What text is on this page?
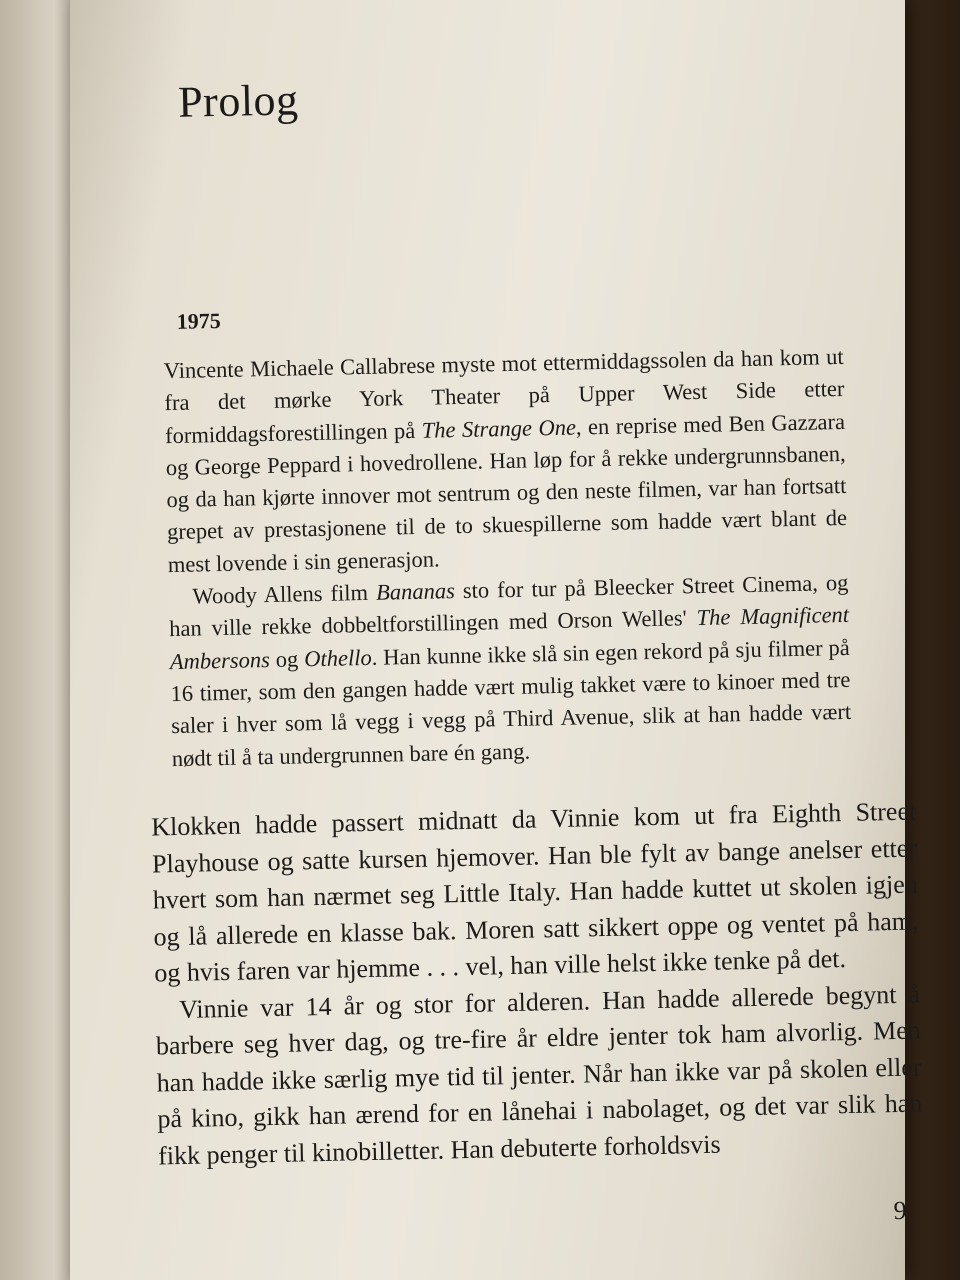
Prolog
1975

Vincente Michaele Callabrese myste mot ettermiddagssolen da han kom ut fra det mørke York Theater på Upper West Side etter formiddagsforestillingen på The Strange One, en reprise med Ben Gazzara og George Peppard i hovedrollene. Han løp for å rekke undergrunnsbanen, og da han kjørte innover mot sentrum og den neste filmen, var han fortsatt grepet av prestasjonene til de to skuespillerne som hadde vært blant de mest lovende i sin generasjon.

Woody Allens film Bananas sto for tur på Bleecker Street Cinema, og han ville rekke dobbeltforstillingen med Orson Welles' The Magnificent Ambersons og Othello. Han kunne ikke slå sin egen rekord på sju filmer på 16 timer, som den gangen hadde vært mulig takket være to kinoer med tre saler i hver som lå vegg i vegg på Third Avenue, slik at han hadde vært nødt til å ta undergrunnen bare én gang.

Klokken hadde passert midnatt da Vinnie kom ut fra Eighth Street Playhouse og satte kursen hjemover. Han ble fylt av bange anelser etter hvert som han nærmet seg Little Italy. Han hadde kuttet ut skolen igjen og lå allerede en klasse bak. Moren satt sikkert oppe og ventet på ham, og hvis faren var hjemme . . . vel, han ville helst ikke tenke på det.

Vinnie var 14 år og stor for alderen. Han hadde allerede begynt å barbere seg hver dag, og tre-fire år eldre jenter tok ham alvorlig. Men han hadde ikke særlig mye tid til jenter. Når han ikke var på skolen eller på kino, gikk han ærend for en lånehai i nabolaget, og det var slik han fikk penger til kinobilletter. Han debuterte forholdsvis

9
